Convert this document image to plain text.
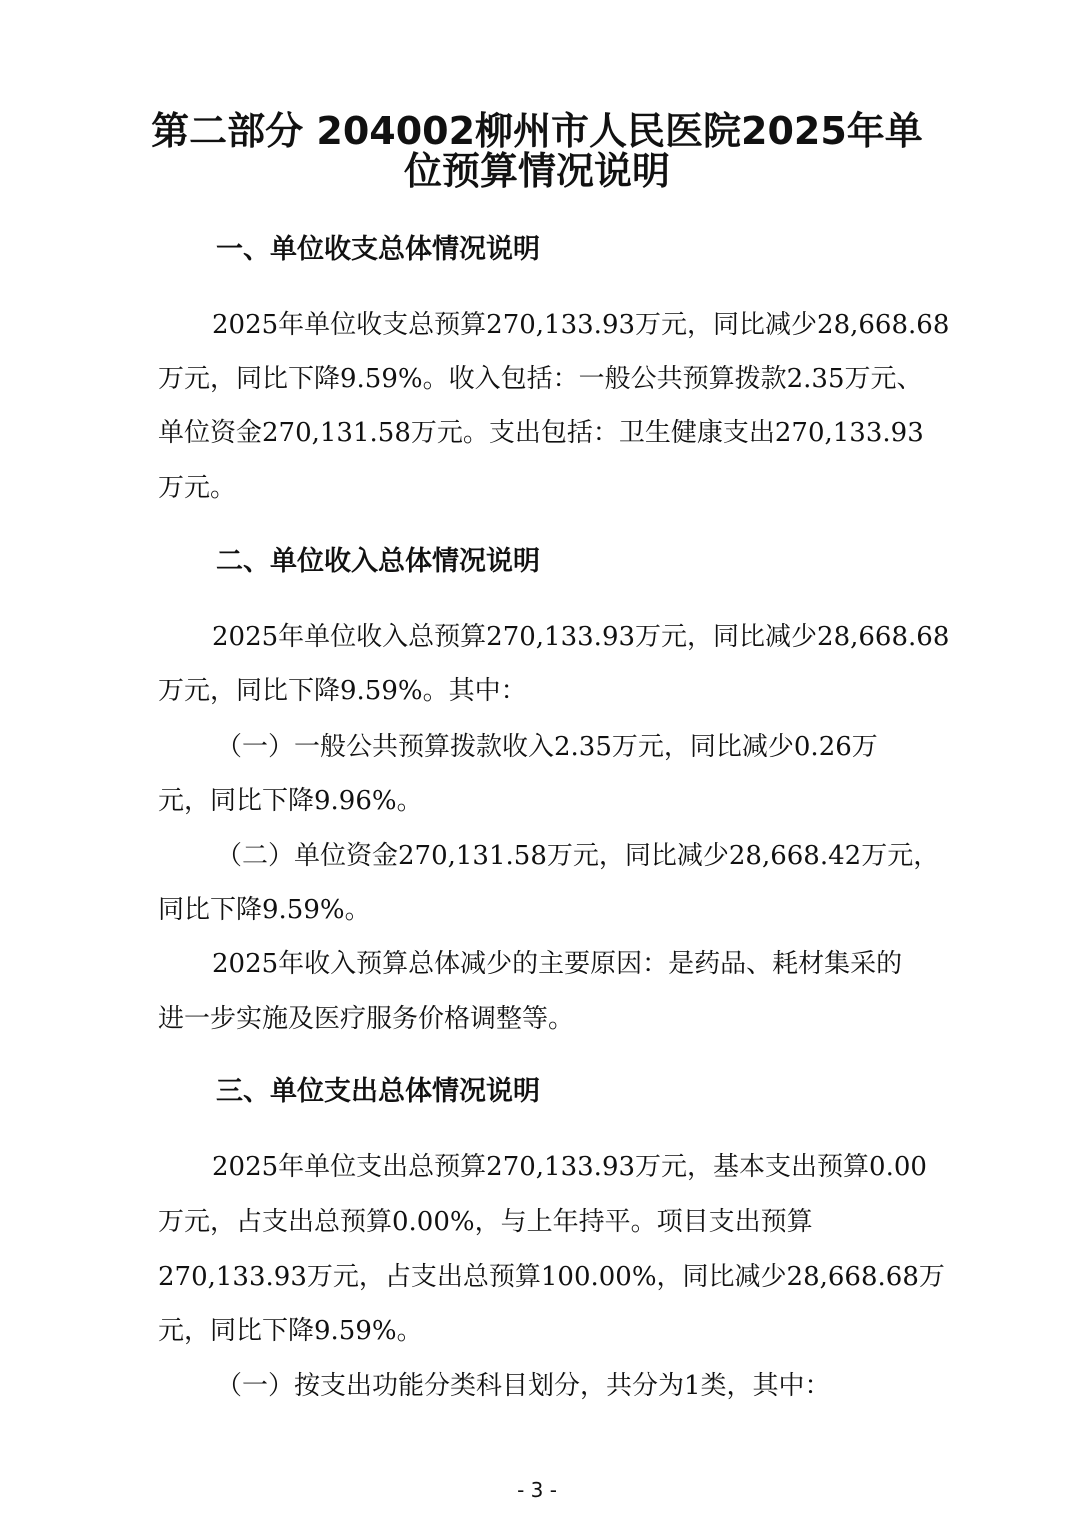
第二部分 204002柳州市人民医院2025年单
位预算情况说明
一、单位收支总体情况说明
2025年单位收支总预算270,133.93万元，同比减少28,668.68
万元，同比下降9.59%。收入包括：一般公共预算拨款2.35万元、
单位资金270,131.58万元。支出包括：卫生健康支出270,133.93
万元。
二、单位收入总体情况说明
2025年单位收入总预算270,133.93万元，同比减少28,668.68
万元，同比下降9.59%。其中：
（一）一般公共预算拨款收入2.35万元，同比减少0.26万
元，同比下降9.96%。
（二）单位资金270,131.58万元，同比减少28,668.42万元，
同比下降9.59%。
2025年收入预算总体减少的主要原因：是药品、耗材集采的
进一步实施及医疗服务价格调整等。
三、单位支出总体情况说明
2025年单位支出总预算270,133.93万元，基本支出预算0.00
万元，占支出总预算0.00%，与上年持平。项目支出预算
270,133.93万元，占支出总预算100.00%，同比减少28,668.68万
元，同比下降9.59%。
（一）按支出功能分类科目划分，共分为1类，其中：
- 3 -
